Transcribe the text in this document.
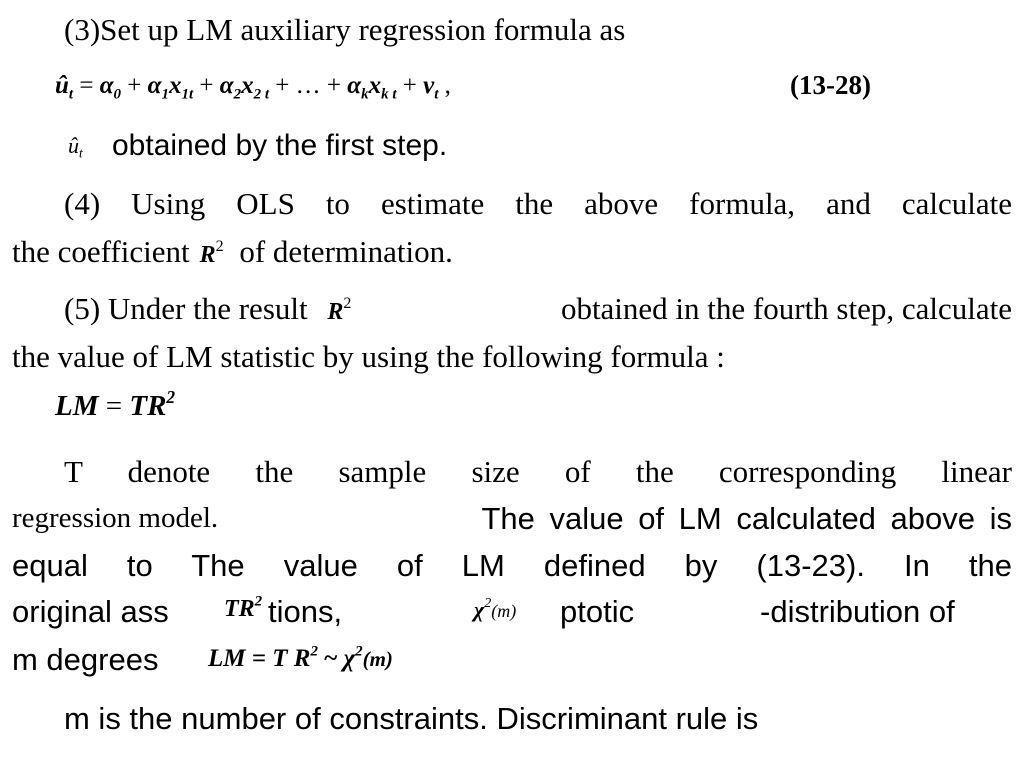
(3)Set up LM auxiliary regression formula as
$û_t = \alpha_0 + \alpha_1x_{1t} + \alpha_2x_{2 t}$ + … + $\alpha_kx_{k t} + v_t$ ,	(13-28)
$û_t$ obtained by the first step.
(4) Using OLS to estimate the above formula, and calculate
the coefficient $R^2$ of determination.
(5) Under the result $R^2$	obtained in the fourth step, calculate
the value of LM statistic by using the following formula :
LM = $TR^2$
T denote the sample size of the corresponding linear
regression model.	The value of LM calculated above is
equal to The value of LM defined by (13-23). In the
original ass	tions,	ptotic	-distribution of
$TR^2$	$\chi^2(m)$
m degrees LM = T $R^2$ ~ $\chi^2(m)$
m is the number of constraints. Discriminant rule is
